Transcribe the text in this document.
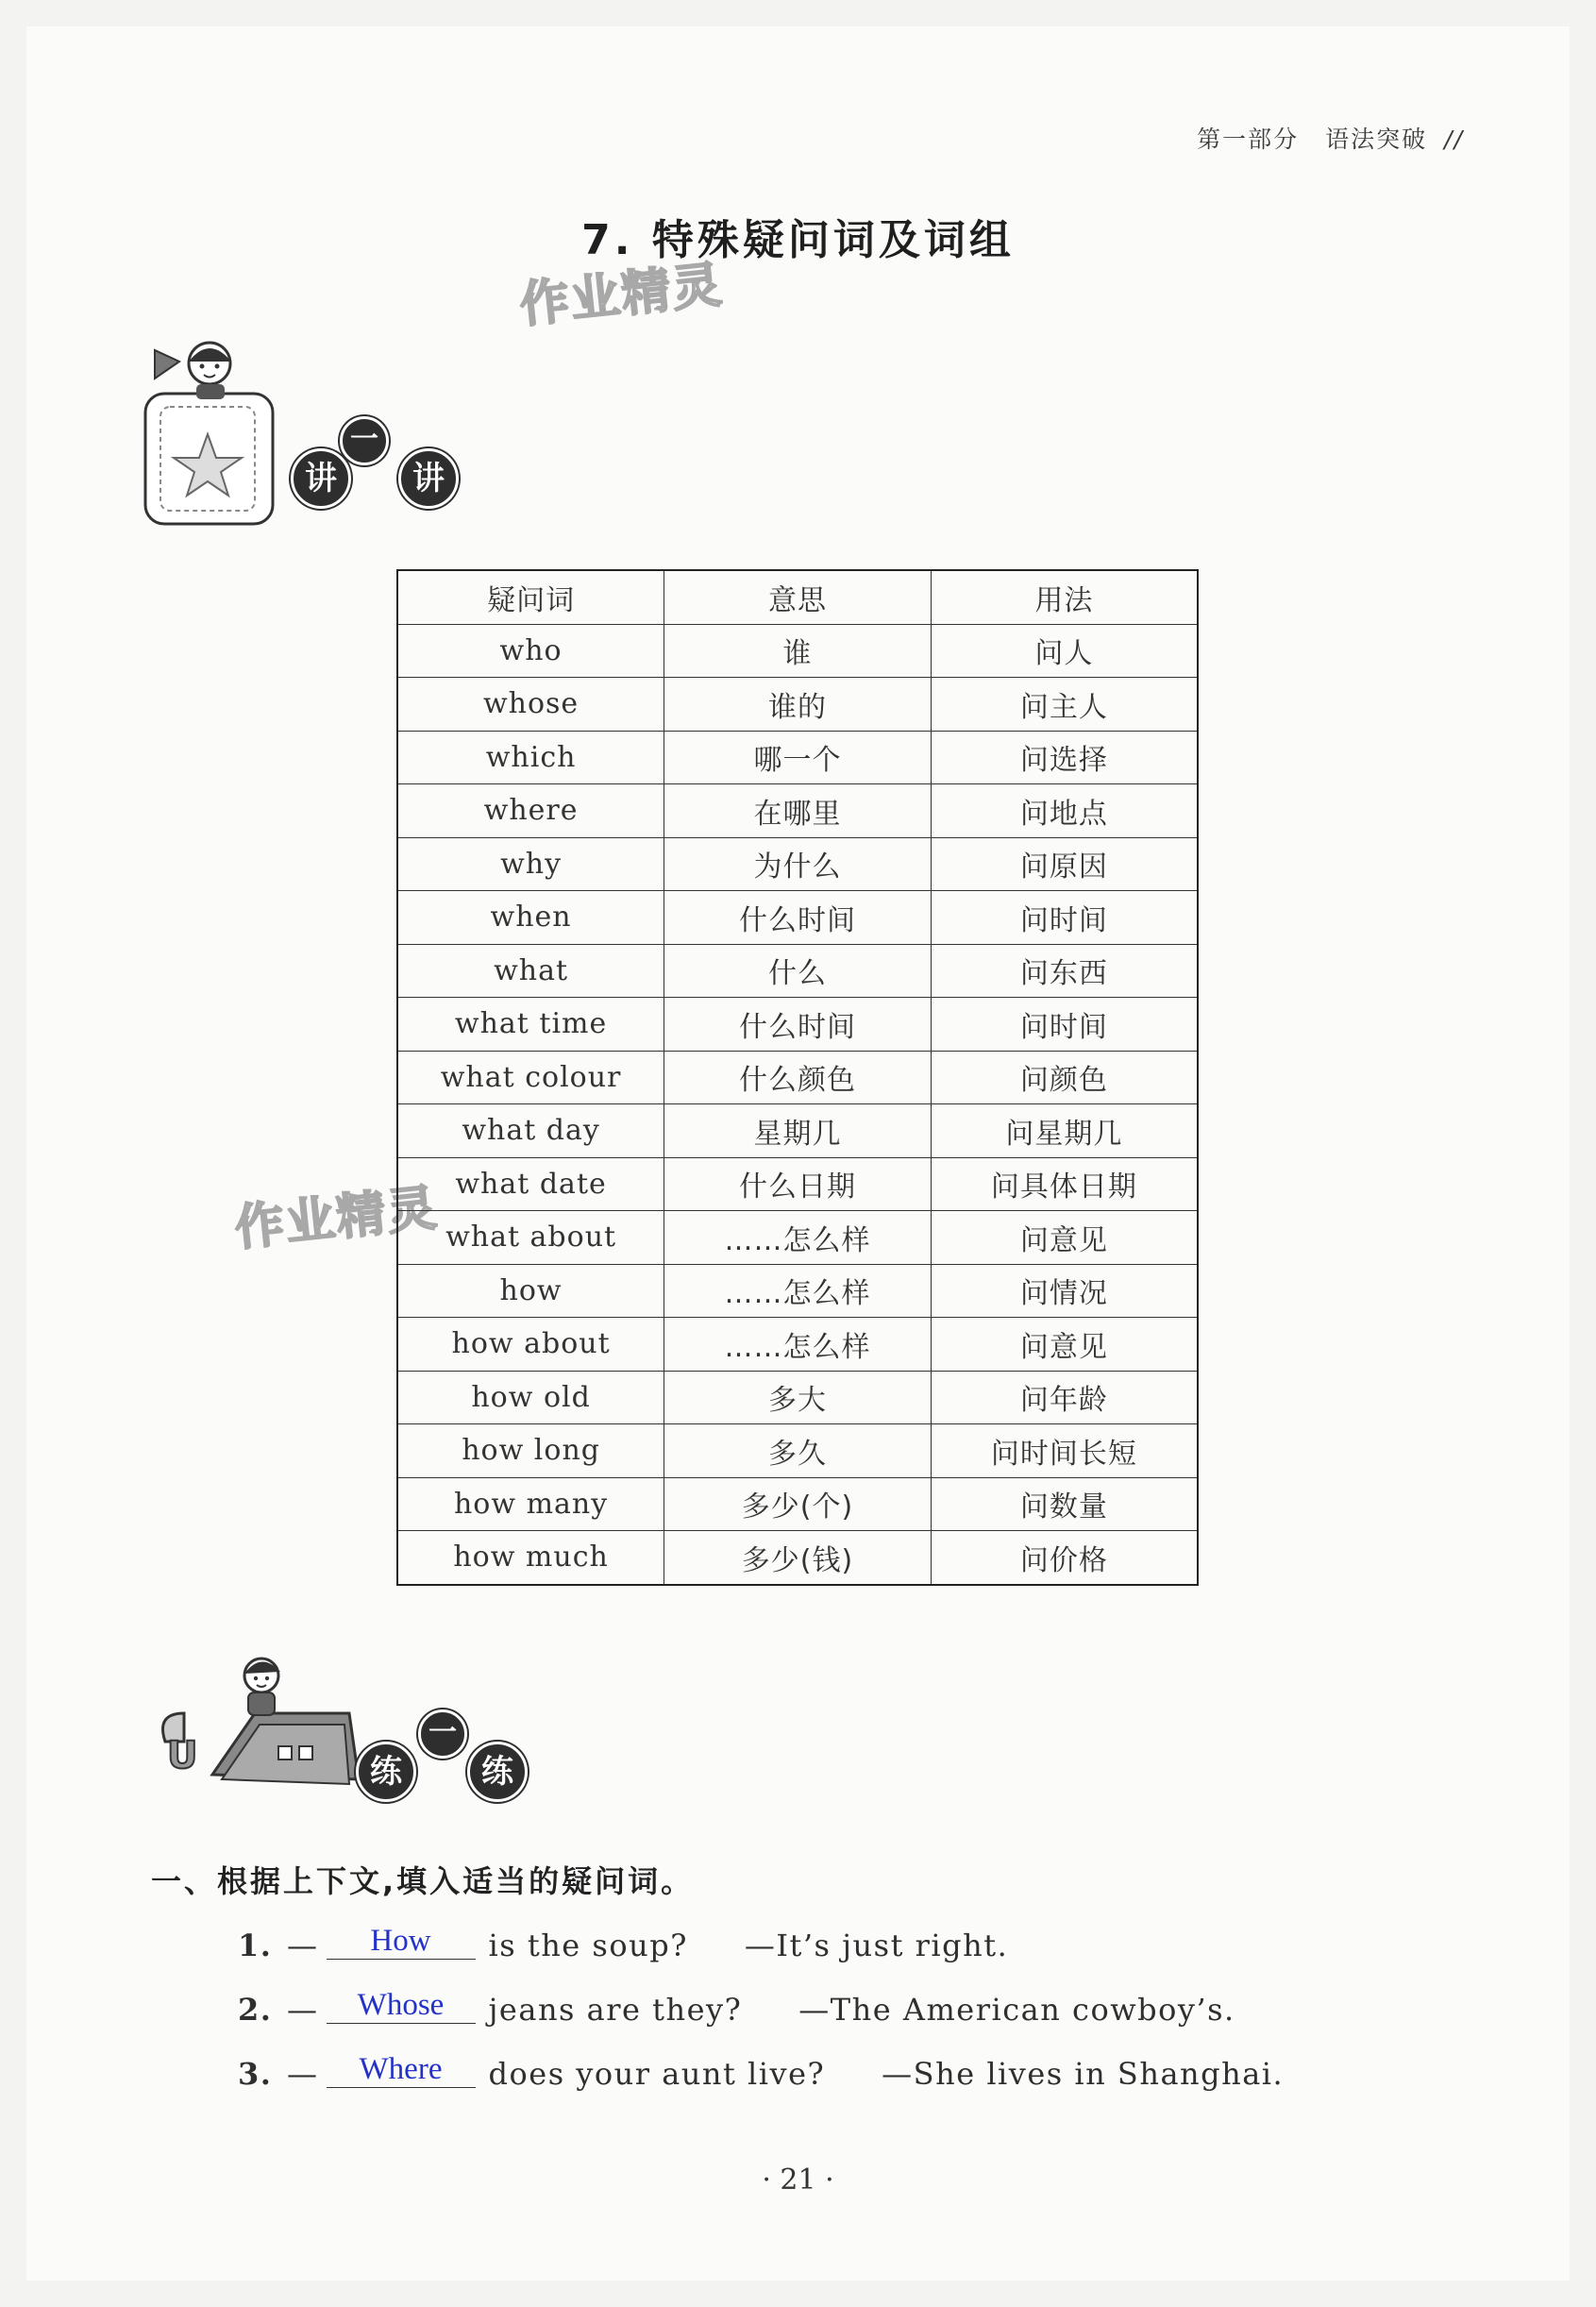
第一部分 语法突破 //
7. 特殊疑问词及词组
作业精灵
作业精灵
讲
一
讲
疑问词	意思	用法
who	谁	问人
whose	谁的	问主人
which	哪一个	问选择
where	在哪里	问地点
why	为什么	问原因
when	什么时间	问时间
what	什么	问东西
what time	什么时间	问时间
what colour	什么颜色	问颜色
what day	星期几	问星期几
what date	什么日期	问具体日期
what about	……怎么样	问意见
how	……怎么样	问情况
how about	……怎么样	问意见
how old	多大	问年龄
how long	多久	问时间长短
how many	多少(个)	问数量
how much	多少(钱)	问价格
U	练
一
练
一、根据上下文,填入适当的疑问词。
1. — How is the soup? —It’s just right.
2. — Whose jeans are they? —The American cowboy’s.
3. — Where does your aunt live? —She lives in Shanghai.
· 21 ·
